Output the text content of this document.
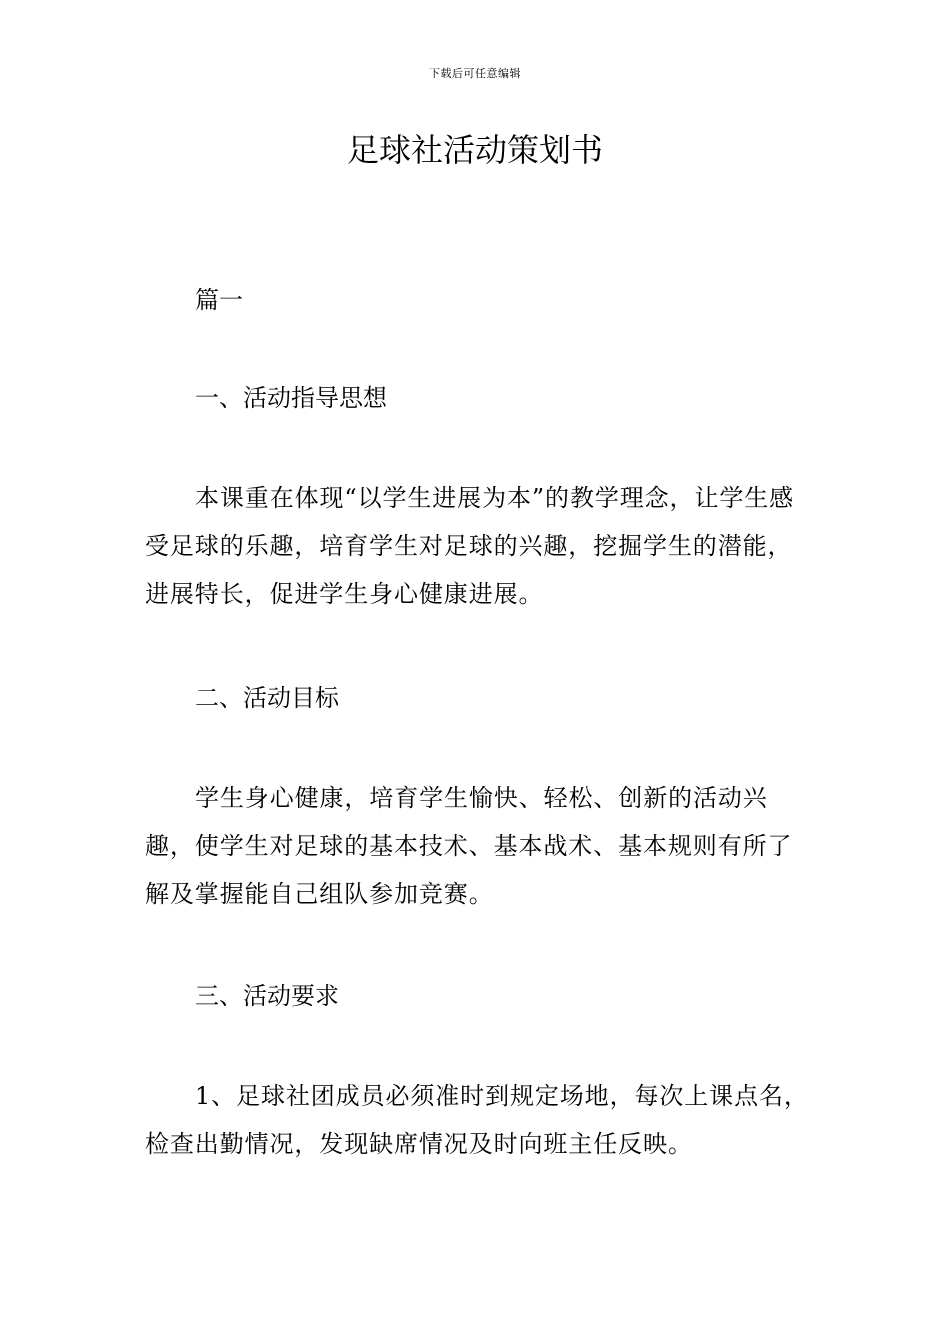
下载后可任意编辑
足球社活动策划书

篇一

一、活动指导思想

本课重在体现“以学生进展为本”的教学理念，让学生感受足球的乐趣，培育学生对足球的兴趣，挖掘学生的潜能，进展特长，促进学生身心健康进展。

二、活动目标

学生身心健康，培育学生愉快、轻松、创新的活动兴趣，使学生对足球的基本技术、基本战术、基本规则有所了解及掌握能自己组队参加竞赛。

三、活动要求

1、足球社团成员必须准时到规定场地，每次上课点名，检查出勤情况，发现缺席情况及时向班主任反映。
